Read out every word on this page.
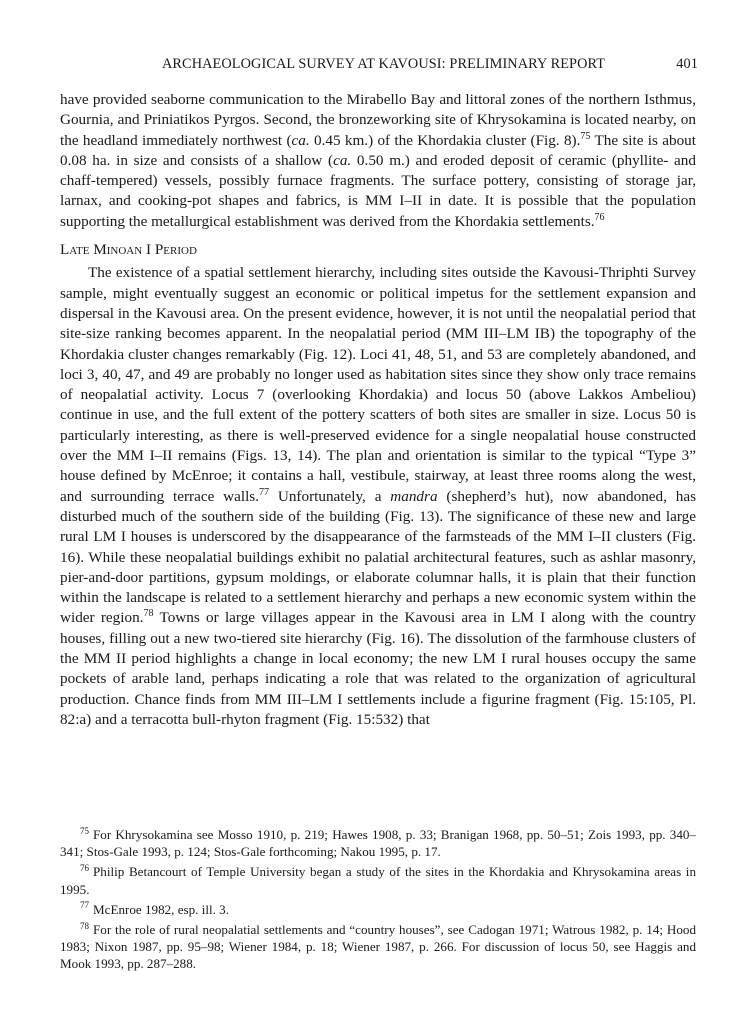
ARCHAEOLOGICAL SURVEY AT KAVOUSI: PRELIMINARY REPORT	401

have provided seaborne communication to the Mirabello Bay and littoral zones of the northern Isthmus, Gournia, and Priniatikos Pyrgos. Second, the bronzeworking site of Khrysokamina is located nearby, on the headland immediately northwest (ca. 0.45 km.) of the Khordakia cluster (Fig. 8).$^{75}$ The site is about 0.08 ha. in size and consists of a shallow (ca. 0.50 m.) and eroded deposit of ceramic (phyllite- and chaff-tempered) vessels, possibly furnace fragments. The surface pottery, consisting of storage jar, larnax, and cooking-pot shapes and fabrics, is MM I–II in date. It is possible that the population supporting the metallurgical establishment was derived from the Khordakia settlements.$^{76}$

Late Minoan I Period

The existence of a spatial settlement hierarchy, including sites outside the Kavousi-Thriphti Survey sample, might eventually suggest an economic or political impetus for the settlement expansion and dispersal in the Kavousi area. On the present evidence, however, it is not until the neopalatial period that site-size ranking becomes apparent. In the neopalatial period (MM III–LM IB) the topography of the Khordakia cluster changes remarkably (Fig. 12). Loci 41, 48, 51, and 53 are completely abandoned, and loci 3, 40, 47, and 49 are probably no longer used as habitation sites since they show only trace remains of neopalatial activity. Locus 7 (overlooking Khordakia) and locus 50 (above Lakkos Ambeliou) continue in use, and the full extent of the pottery scatters of both sites are smaller in size. Locus 50 is particularly interesting, as there is well-preserved evidence for a single neopalatial house constructed over the MM I–II remains (Figs. 13, 14). The plan and orientation is similar to the typical “Type 3” house defined by McEnroe; it contains a hall, vestibule, stairway, at least three rooms along the west, and surrounding terrace walls.$^{77}$ Unfortunately, a mandra (shepherd’s hut), now abandoned, has disturbed much of the southern side of the building (Fig. 13). The significance of these new and large rural LM I houses is underscored by the disappearance of the farmsteads of the MM I–II clusters (Fig. 16). While these neopalatial buildings exhibit no palatial architectural features, such as ashlar masonry, pier-and-door partitions, gypsum moldings, or elaborate columnar halls, it is plain that their function within the landscape is related to a settlement hierarchy and perhaps a new economic system within the wider region.$^{78}$ Towns or large villages appear in the Kavousi area in LM I along with the country houses, filling out a new two-tiered site hierarchy (Fig. 16). The dissolution of the farmhouse clusters of the MM II period highlights a change in local economy; the new LM I rural houses occupy the same pockets of arable land, perhaps indicating a role that was related to the organization of agricultural production. Chance finds from MM III–LM I settlements include a figurine fragment (Fig. 15:105, Pl. 82:a) and a terracotta bull-rhyton fragment (Fig. 15:532) that

$^{75}$ For Khrysokamina see Mosso 1910, p. 219; Hawes 1908, p. 33; Branigan 1968, pp. 50–51; Zois 1993, pp. 340–341; Stos-Gale 1993, p. 124; Stos-Gale forthcoming; Nakou 1995, p. 17.

$^{76}$ Philip Betancourt of Temple University began a study of the sites in the Khordakia and Khrysokamina areas in 1995.

$^{77}$ McEnroe 1982, esp. ill. 3.

$^{78}$ For the role of rural neopalatial settlements and “country houses”, see Cadogan 1971; Watrous 1982, p. 14; Hood 1983; Nixon 1987, pp. 95–98; Wiener 1984, p. 18; Wiener 1987, p. 266. For discussion of locus 50, see Haggis and Mook 1993, pp. 287–288.
